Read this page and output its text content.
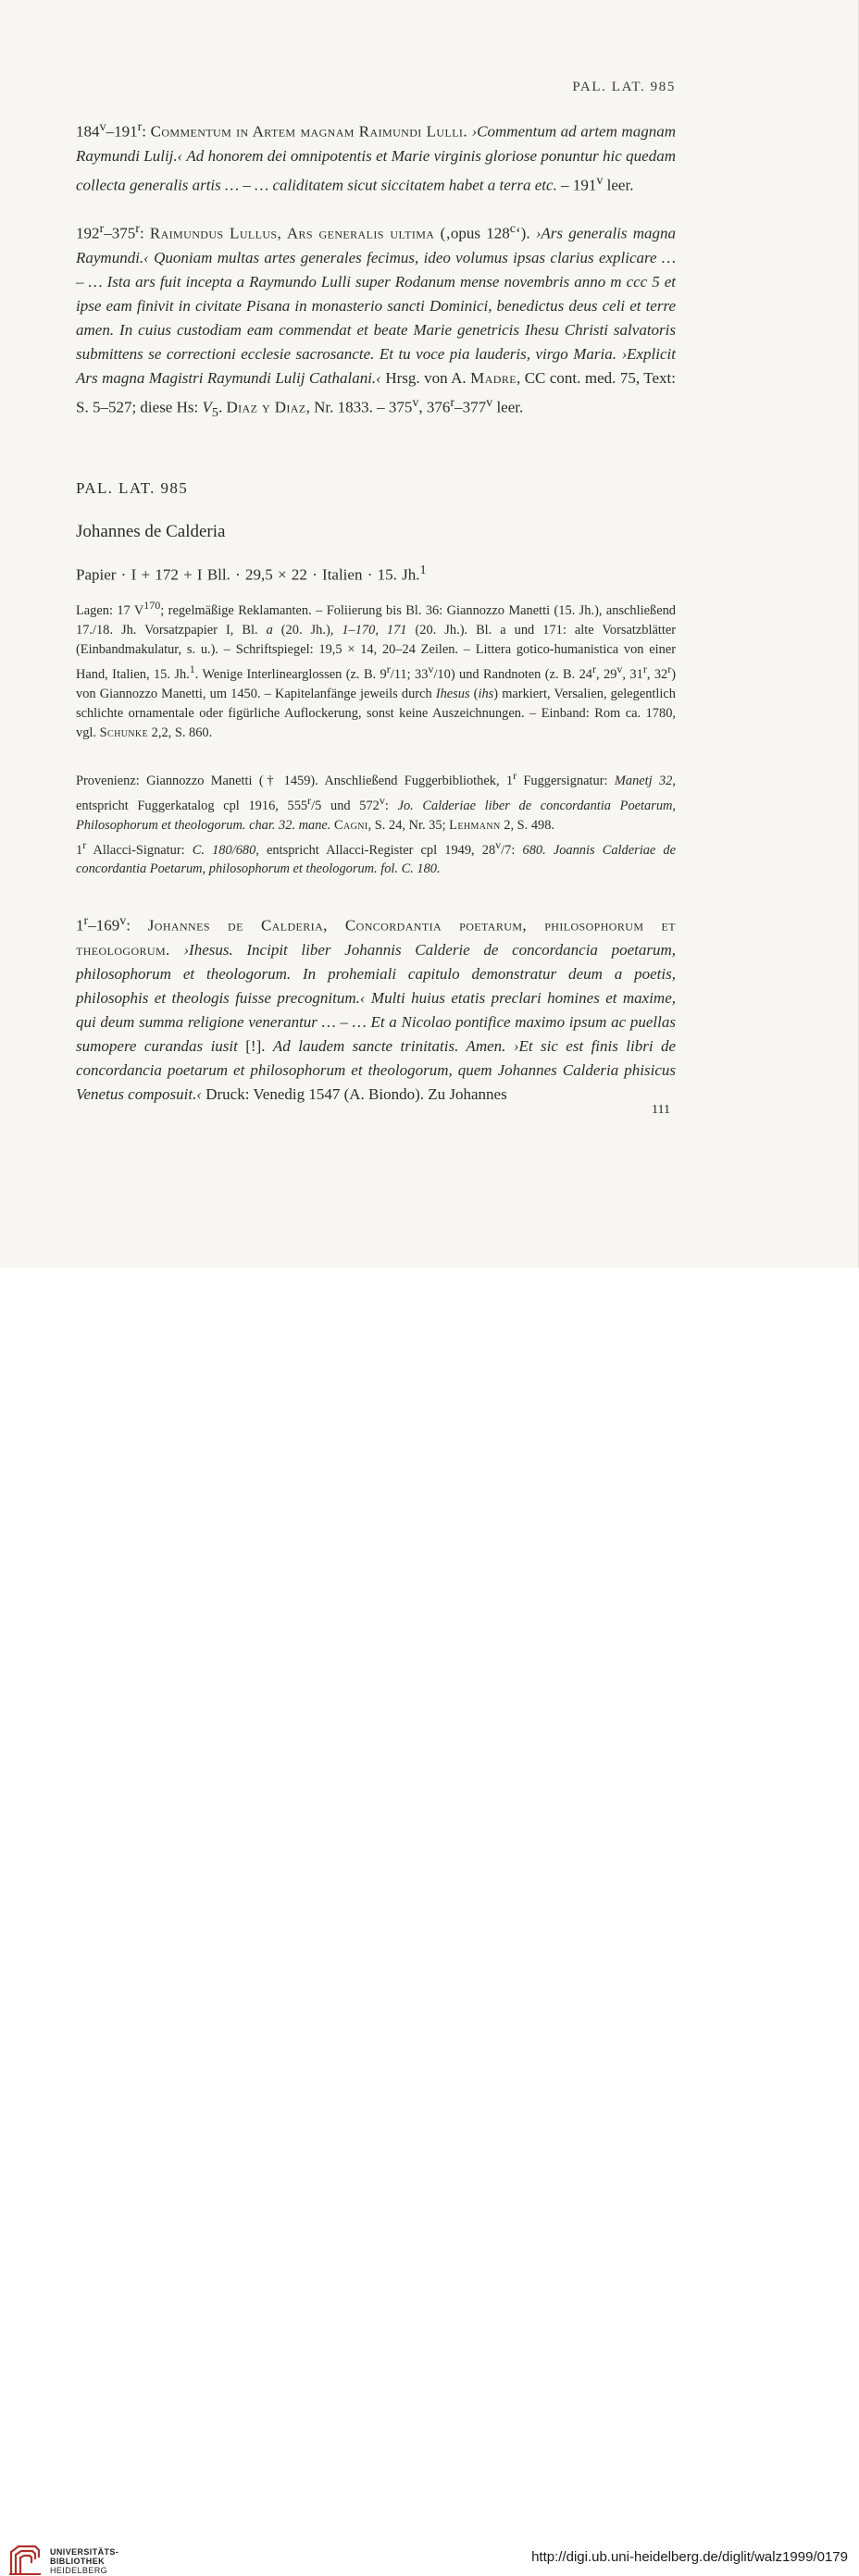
PAL. LAT. 985

184$^v$–191$^r$: Commentum in Artem magnam Raimundi Lulli. ›Commentum ad artem magnam Raymundi Lulij.‹ Ad honorem dei omnipotentis et Marie virginis gloriose ponuntur hic quedam collecta generalis artis … – … caliditatem sicut siccitatem habet a terra etc. – 191$^v$ leer.

192$^r$–375$^r$: Raimundus Lullus, Ars generalis ultima (‚opus 128$^c$‘). ›Ars generalis magna Raymundi.‹ Quoniam multas artes generales fecimus, ideo volumus ipsas clarius explicare … – … Ista ars fuit incepta a Raymundo Lulli super Rodanum mense novembris anno m ccc 5 et ipse eam finivit in civitate Pisana in monasterio sancti Dominici, benedictus deus celi et terre amen. In cuius custodiam eam commendat et beate Marie genetricis Ihesu Christi salvatoris submittens se correctioni ecclesie sacrosancte. Et tu voce pia lauderis, virgo Maria. ›Explicit Ars magna Magistri Raymundi Lulij Cathalani.‹ Hrsg. von A. Madre, CC cont. med. 75, Text: S. 5–527; diese Hs: $V_5$. Diaz y Diaz, Nr. 1833. – 375$^v$, 376$^r$–377$^v$ leer.

PAL. LAT. 985
Johannes de Calderia
Papier · I + 172 + I Bll. · 29,5 × 22 · Italien · 15. Jh.$^1$

Lagen: 17 $V^{170}$; regelmäßige Reklamanten. – Foliierung bis Bl. 36: Giannozzo Manetti (15. Jh.), anschließend 17./18. Jh. Vorsatzpapier I, Bl. a (20. Jh.), 1–170, 171 (20. Jh.). Bl. a und 171: alte Vorsatzblätter (Einbandmakulatur, s. u.). – Schriftspiegel: 19,5 × 14, 20–24 Zeilen. – Littera gotico-humanistica von einer Hand, Italien, 15. Jh.$^1$. Wenige Interlinearglossen (z. B. 9$^r$/11; 33$^v$/10) und Randnoten (z. B. 24$^r$, 29$^v$, 31$^r$, 32$^r$) von Giannozzo Manetti, um 1450. – Kapitelanfänge jeweils durch Ihesus (ihs) markiert, Versalien, gelegentlich schlichte ornamentale oder figürliche Auflockerung, sonst keine Auszeichnungen. – Einband: Rom ca. 1780, vgl. Schunke 2,2, S. 860.

Provenienz: Giannozzo Manetti († 1459). Anschließend Fuggerbibliothek, 1$^r$ Fuggersignatur: Manetj 32, entspricht Fuggerkatalog cpl 1916, 555$^r$/5 und 572$^v$: Jo. Calderiae liber de concordantia Poetarum, Philosophorum et theologorum. char. 32. mane. Cagni, S. 24, Nr. 35; Lehmann 2, S. 498.

1$^r$ Allacci-Signatur: C. 180/680, entspricht Allacci-Register cpl 1949, 28$^v$/7: 680. Joannis Calderiae de concordantia Poetarum, philosophorum et theologorum. fol. C. 180.

1$^r$–169$^v$: Johannes de Calderia, Concordantia poetarum, philosophorum et theologorum. ›Ihesus. Incipit liber Johannis Calderie de concordancia poetarum, philosophorum et theologorum. In prohemiali capitulo demonstratur deum a poetis, philosophis et theologis fuisse precognitum.‹ Multi huius etatis preclari homines et maxime, qui deum summa religione venerantur … – … Et a Nicolao pontifice maximo ipsum ac puellas sumopere curandas iusit [!]. Ad laudem sancte trinitatis. Amen. ›Et sic est finis libri de concordancia poetarum et philosophorum et theologorum, quem Johannes Calderia phisicus Venetus composuit.‹ Druck: Venedig 1547 (A. Biondo). Zu Johannes

111
UNIVERSITÄTS-
BIBLIOTHEK
HEIDELBERG
http://digi.ub.uni-heidelberg.de/diglit/walz1999/0179
